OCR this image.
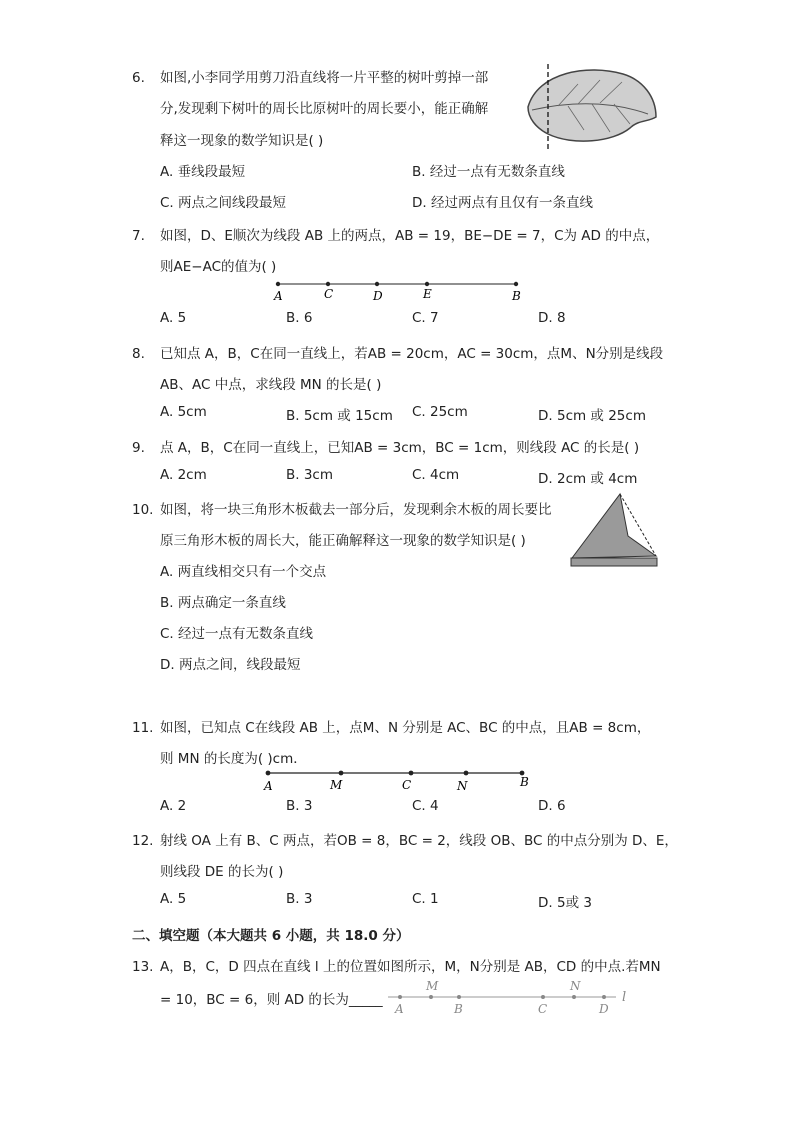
6. 如图,小李同学用剪刀沿直线将一片平整的树叶剪掉一部
分,发现剩下树叶的周长比原树叶的周长要小，能正确解
释这一现象的数学知识是( )
A. 垂线段最短	B. 经过一点有无数条直线
C. 两点之间线段最短	D. 经过两点有且仅有一条直线
7. 如图，D、E顺次为线段 AB 上的两点，AB = 19，BE−DE = 7，C为 AD 的中点，
则AE−AC的值为( )
A	C	D	E	B
A. 5	B. 6	C. 7	D. 8
8. 已知点 A，B，C在同一直线上，若AB = 20cm，AC = 30cm，点M、N分别是线段
AB、AC 中点，求线段 MN 的长是( )
A. 5cm	B. 5cm 或 15cm C. 25cm	D. 5cm 或 25cm
9. 点 A，B，C在同一直线上，已知AB = 3cm，BC = 1cm，则线段 AC 的长是( )
A. 2cm	B. 3cm	C. 4cm	D. 2cm 或 4cm
10. 如图，将一块三角形木板截去一部分后，发现剩余木板的周长要比
原三角形木板的周长大，能正确解释这一现象的数学知识是( )
A. 两直线相交只有一个交点
B. 两点确定一条直线
C. 经过一点有无数条直线
D. 两点之间，线段最短
11. 如图，已知点 C在线段 AB 上，点M、N 分别是 AC、BC 的中点，且AB = 8cm，
则 MN 的长度为( )cm．
A	M	C	N	B
A. 2	B. 3	C. 4	D. 6
12. 射线 OA 上有 B、C 两点，若OB = 8，BC = 2，线段 OB、BC 的中点分别为 D、E，
则线段 DE 的长为( )
A. 5	B. 3	C. 1	D. 5或 3
二、填空题（本大题共 6 小题，共 18.0 分）
13. A，B，C，D 四点在直线 l 上的位置如图所示，M，N分别是 AB，CD 的中点.若MN
= 10，BC = 6，则 AD 的长为_____
M	N
A	B	C	D
l
